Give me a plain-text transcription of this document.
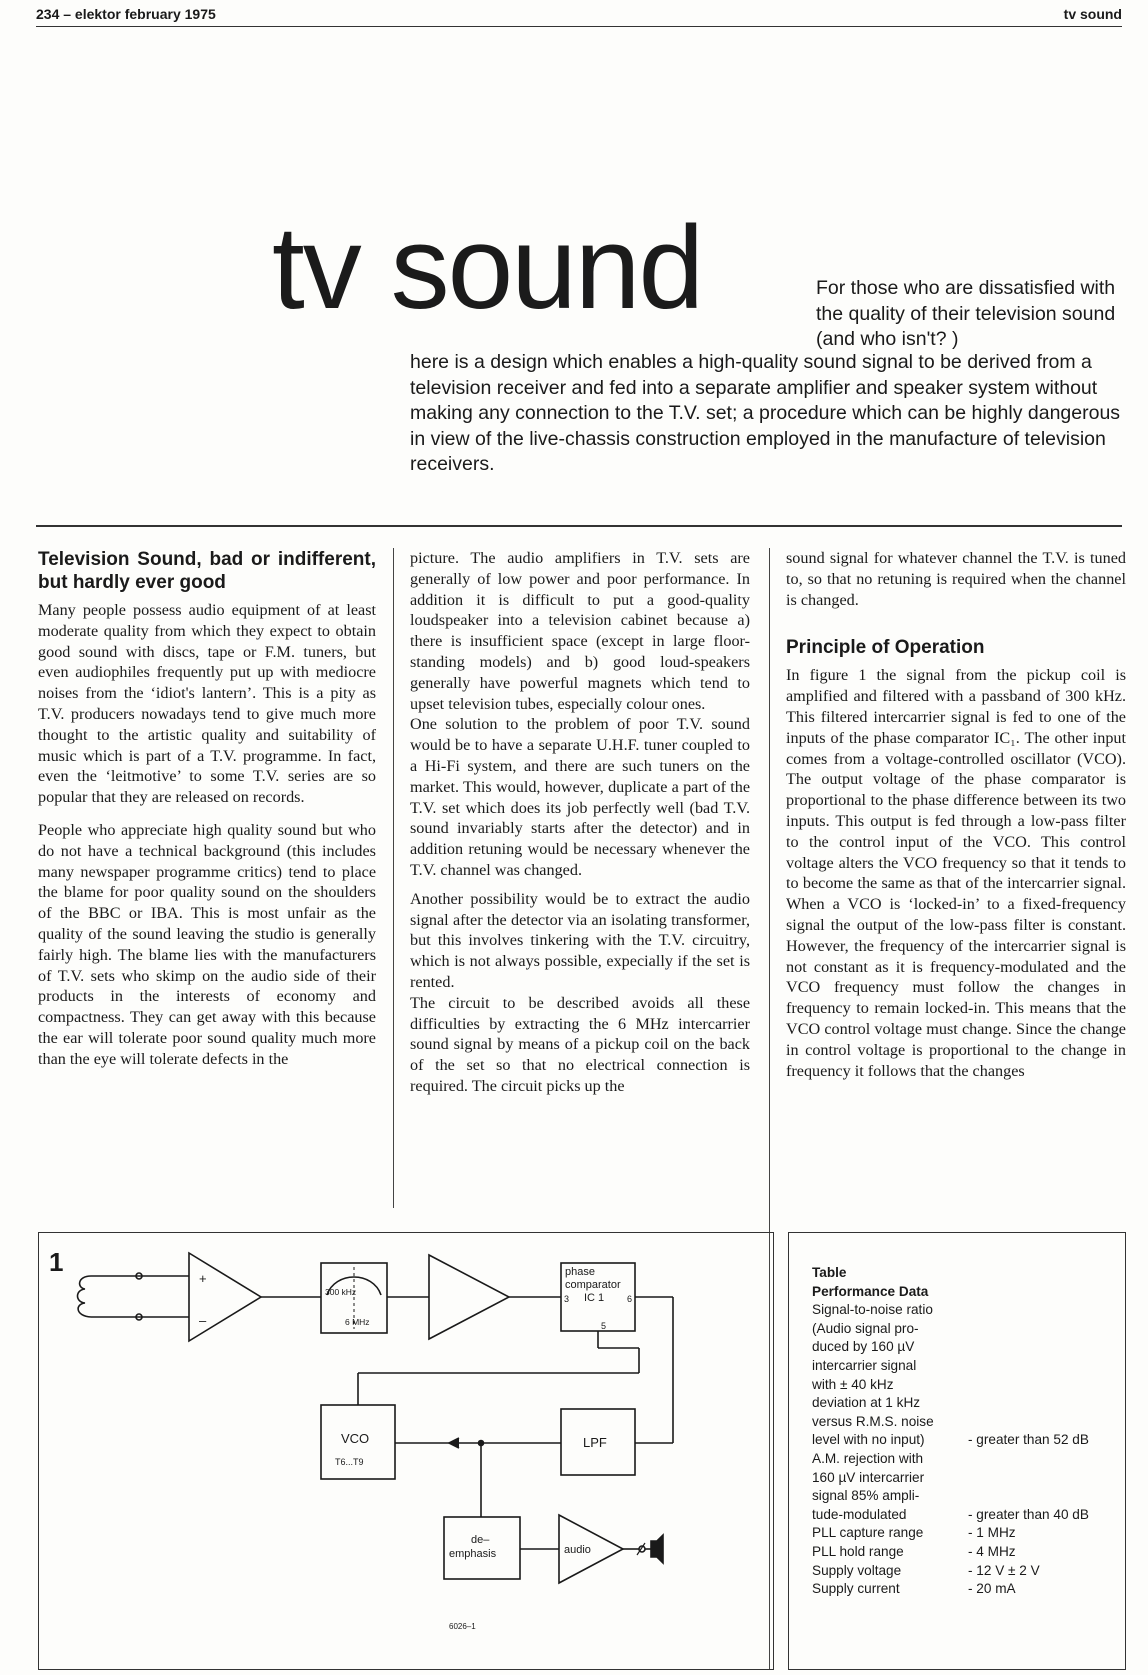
234 – elektor february 1975	tv sound
tv sound	For those who are dissatisfied with the quality of their television sound (and who isn't? )
here is a design which enables a high-quality sound signal to be derived from a television receiver and fed into a separate amplifier and speaker system without making any connection to the T.V. set; a procedure which can be highly dangerous in view of the live-chassis construction employed in the manufacture of television receivers.
Television Sound, bad or indifferent, but hardly ever good

Many people possess audio equipment of at least moderate quality from which they expect to obtain good sound with discs, tape or F.M. tuners, but even audiophiles frequently put up with mediocre noises from the ‘idiot's lantern’. This is a pity as T.V. producers nowadays tend to give much more thought to the artistic quality and suitability of music which is part of a T.V. programme. In fact, even the ‘leitmotive’ to some T.V. series are so popular that they are released on records.

People who appreciate high quality sound but who do not have a technical background (this includes many newspaper programme critics) tend to place the blame for poor quality sound on the shoulders of the BBC or IBA. This is most unfair as the quality of the sound leaving the studio is generally fairly high. The blame lies with the manufacturers of T.V. sets who skimp on the audio side of their products in the interests of economy and compactness. They can get away with this because the ear will tolerate poor sound quality much more than the eye will tolerate defects in the

picture. The audio amplifiers in T.V. sets are generally of low power and poor performance. In addition it is difficult to put a good-quality loudspeaker into a television cabinet because a) there is insufficient space (except in large floor-standing models) and b) good loud-speakers generally have powerful magnets which tend to upset television tubes, especially colour ones.

One solution to the problem of poor T.V. sound would be to have a separate U.H.F. tuner coupled to a Hi-Fi system, and there are such tuners on the market. This would, however, duplicate a part of the T.V. set which does its job perfectly well (bad T.V. sound invariably starts after the detector) and in addition retuning would be necessary whenever the T.V. channel was changed.

Another possibility would be to extract the audio signal after the detector via an isolating transformer, but this involves tinkering with the T.V. circuitry, which is not always possible, expecially if the set is rented.

The circuit to be described avoids all these difficulties by extracting the 6 MHz intercarrier sound signal by means of a pickup coil on the back of the set so that no electrical connection is required. The circuit picks up the

sound signal for whatever channel the T.V. is tuned to, so that no retuning is required when the channel is changed.

Principle of Operation

In figure 1 the signal from the pickup coil is amplified and filtered with a passband of 300 kHz. This filtered intercarrier signal is fed to one of the inputs of the phase comparator IC₁. The other input comes from a voltage-controlled oscillator (VCO). The output voltage of the phase comparator is proportional to the phase difference between its two inputs. This output is fed through a low-pass filter to the control input of the VCO. This control voltage alters the VCO frequency so that it tends to to become the same as that of the intercarrier signal. When a VCO is ‘locked-in’ to a fixed-frequency signal the output of the low-pass filter is constant. However, the frequency of the intercarrier signal is not constant as it is frequency-modulated and the VCO frequency must follow the changes in frequency to remain locked-in. This means that the VCO control voltage must change. Since the change in control voltage is proportional to the change in frequency it follows that the changes

1
+
–
300 kHz
6 MHz
phase
comparator
IC 1
3	6
5
VCO
T6...T9
LPF
de–
emphasis	audio
6026–1
Table
Performance Data
Signal-to-noise ratio
(Audio signal pro-
duced by 160 µV
intercarrier signal
with ± 40 kHz
deviation at 1 kHz
versus R.M.S. noise
level with no input)	- greater than 52 dB
A.M. rejection with
160 µV intercarrier
signal 85% ampli-
tude-modulated	- greater than 40 dB
PLL capture range	- 1 MHz
PLL hold range	- 4 MHz
Supply voltage	- 12 V ± 2 V
Supply current	- 20 mA
